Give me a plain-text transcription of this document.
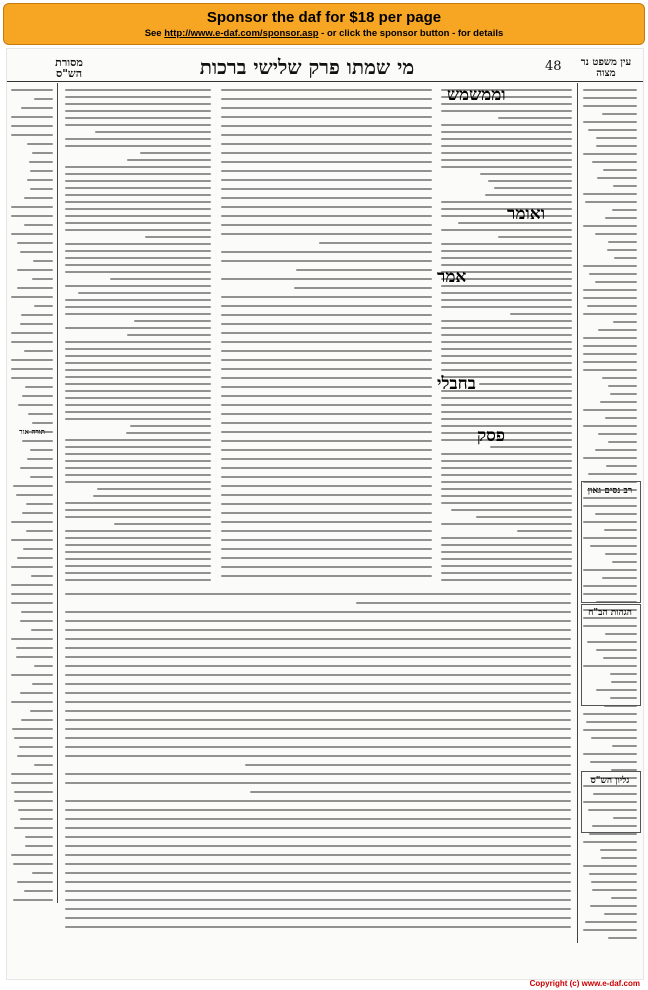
Sponsor the daf for $18 per page
See http://www.e-daf.com/sponsor.asp - or click the sponsor button - for details
מסורת הש"ס	מי שמתו פרק שלישי ברכות	48 עין משפט נר מצוה
וממשמש
ואומר
אמר
בחבלי
פסק
רב נסים גאון
הגהות הב"ח
גליון הש"ס
תורה אור
Copyright (c) www.e-daf.com
